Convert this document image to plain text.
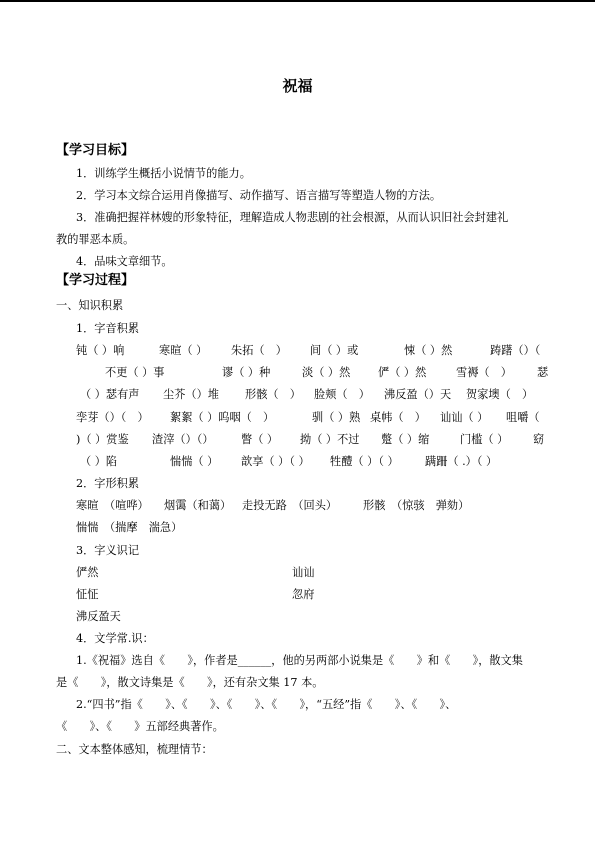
祝福
【学习目标】
1．训练学生概括小说情节的能力。
2．学习本文综合运用肖像描写、动作描写、语言描写等塑造人物的方法。
3．准确把握祥林嫂的形象特征，理解造成人物悲剧的社会根源，从而认识旧社会封建礼
教的罪恶本质。
4．品味文章细节。
【学习过程】
一、知识积累
1．字音积累
钝（ ）响	寒暄（ ） 朱拓（　） 间（ ）或	悚（ ）然	踌躇（）（
不更（ ）事	谬（ ）种	淡（ ）然 俨（ ）然	雪褥（　） 瑟
（ ）瑟有声 尘芥（）堆 形骸（　） 脸颊（　） 沸反盈（）天 贺家墺（　）
孪芽（）（　） 絮絮（ ）呜咽（　）	驯（ ）熟 桌帏（　） 讪讪（ ） 咀嚼（
)（ ）赏鉴 渣滓（）（） 瞥（ ） 拗（ ）不过 蹩（ ）缩	门槛（ ） 窈
（ ）陷	惴惴（ ） 歆享（ ）（ ） 牲醴（ ）（ ） 蹒跚（ .）（ ）
2．字形积累
寒暄　（喧哗） 烟霭（和蔼） 走投无路　（回头） 形骸　（惊骇　弹劾）
惴惴　（揣摩　湍急）
3．字义识记
俨然	讪讪
怔怔	忽府
沸反盈天
4．文学常.识：
1.《祝福》选自《　　》，作者是______，他的另两部小说集是《　　》和《　　》，散文集
是《　　》，散文诗集是《　　》，还有杂文集 17 本。
2.“四书”指《　　》、《　　》、《　　》、《　　》，“五经”指《　　》、《　　》、
《　　》、《　　》五部经典著作。
二、文本整体感知，梳理情节：
